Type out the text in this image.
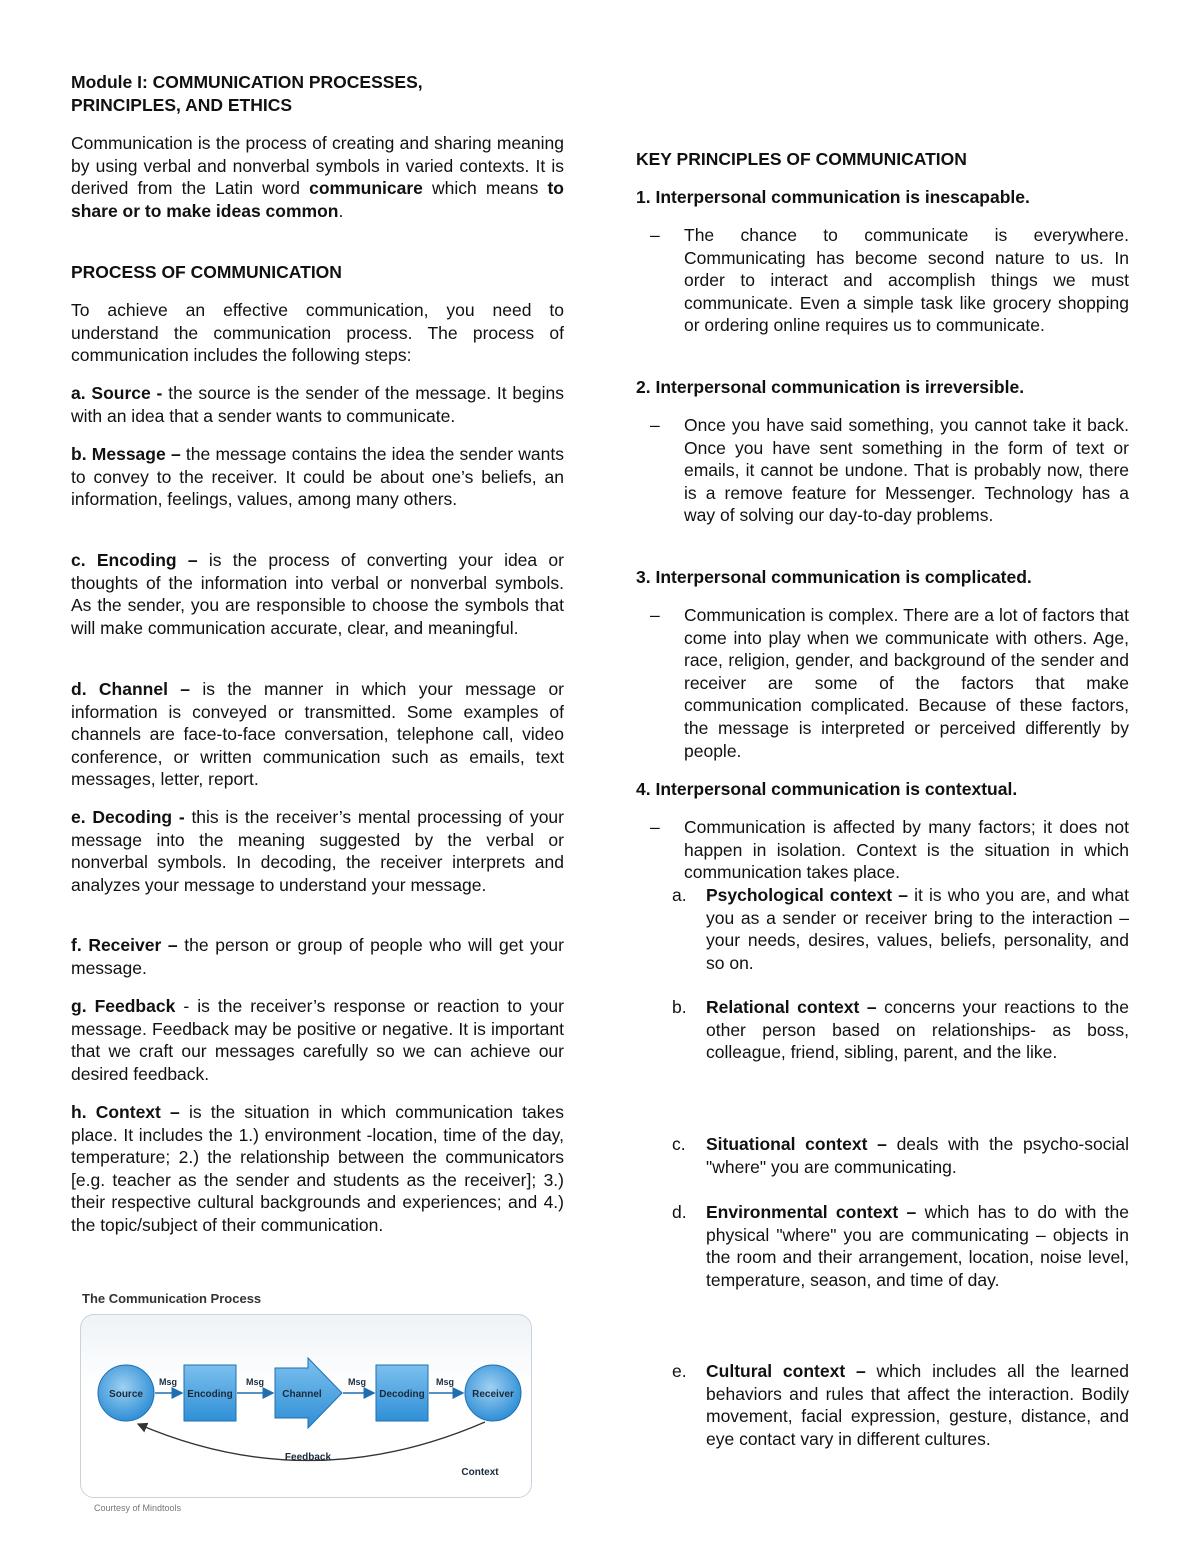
Module I: COMMUNICATION PROCESSES,
PRINCIPLES, AND ETHICS

Communication is the process of creating and sharing meaning by using verbal and nonverbal symbols in varied contexts. It is derived from the Latin word communicare which means to share or to make ideas common.

PROCESS OF COMMUNICATION

To achieve an effective communication, you need to understand the communication process. The process of communication includes the following steps:

a. Source - the source is the sender of the message. It begins with an idea that a sender wants to communicate.

b. Message – the message contains the idea the sender wants to convey to the receiver. It could be about one’s beliefs, an information, feelings, values, among many others.

c. Encoding – is the process of converting your idea or thoughts of the information into verbal or nonverbal symbols. As the sender, you are responsible to choose the symbols that will make communication accurate, clear, and meaningful.

d. Channel – is the manner in which your message or information is conveyed or transmitted. Some examples of channels are face-to-face conversation, telephone call, video conference, or written communication such as emails, text messages, letter, report.

e. Decoding - this is the receiver’s mental processing of your message into the meaning suggested by the verbal or nonverbal symbols. In decoding, the receiver interprets and analyzes your message to understand your message.

f. Receiver – the person or group of people who will get your message.

g. Feedback - is the receiver’s response or reaction to your message. Feedback may be positive or negative. It is important that we craft our messages carefully so we can achieve our desired feedback.

h. Context – is the situation in which communication takes place. It includes the 1.) environment -location, time of the day, temperature; 2.) the relationship between the communicators [e.g. teacher as the sender and students as the receiver]; 3.) their respective cultural backgrounds and experiences; and 4.) the topic/subject of their communication.

The Communication Process
Source	Encoding	Channel	Decoding	Receiver
Msg	Msg	Msg	Msg
Feedback
Context
Courtesy of Mindtools
KEY PRINCIPLES OF COMMUNICATION
1. Interpersonal communication is inescapable.
– The chance to communicate is everywhere. Communicating has become second nature to us. In order to interact and accomplish things we must communicate. Even a simple task like grocery shopping or ordering online requires us to communicate.

2. Interpersonal communication is irreversible.
– Once you have said something, you cannot take it back. Once you have sent something in the form of text or emails, it cannot be undone. That is probably now, there is a remove feature for Messenger. Technology has a way of solving our day-to-day problems.

3. Interpersonal communication is complicated.
– Communication is complex. There are a lot of factors that come into play when we communicate with others. Age, race, religion, gender, and background of the sender and receiver are some of the factors that make communication complicated. Because of these factors, the message is interpreted or perceived differently by people.

4. Interpersonal communication is contextual.
– Communication is affected by many factors; it does not happen in isolation. Context is the situation in which communication takes place.

a. Psychological context – it is who you are, and what you as a sender or receiver bring to the interaction – your needs, desires, values, beliefs, personality, and so on.

b. Relational context – concerns your reactions to the other person based on relationships- as boss, colleague, friend, sibling, parent, and the like.

c. Situational context – deals with the psycho-social "where" you are communicating.

d. Environmental context – which has to do with the physical "where" you are communicating – objects in the room and their arrangement, location, noise level, temperature, season, and time of day.

e. Cultural context – which includes all the learned behaviors and rules that affect the interaction. Bodily movement, facial expression, gesture, distance, and eye contact vary in different cultures.
